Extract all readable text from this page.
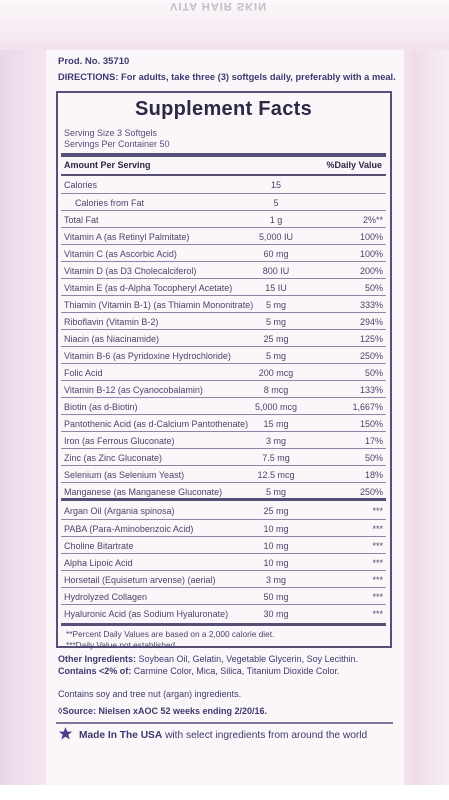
VITA HAIR SKIN
Prod. No. 35710
DIRECTIONS: For adults, take three (3) softgels daily, preferably with a meal.
Supplement Facts
Serving Size 3 Softgels
Servings Per Container 50
Amount Per Serving	%Daily Value
Calories	15
Calories from Fat	5
Total Fat	1 g	2%**
Vitamin A (as Retinyl Palmitate)	5,000 IU	100%
Vitamin C (as Ascorbic Acid)	60 mg	100%
Vitamin D (as D3 Cholecalciferol)	800 IU	200%
Vitamin E (as d-Alpha Tocopheryl Acetate)	15 IU	50%
Thiamin (Vitamin B-1) (as Thiamin Mononitrate)	5 mg	333%
Riboflavin (Vitamin B-2)	5 mg	294%
Niacin (as Niacinamide)	25 mg	125%
Vitamin B-6 (as Pyridoxine Hydrochloride)	5 mg	250%
Folic Acid	200 mcg	50%
Vitamin B-12 (as Cyanocobalamin)	8 mcg	133%
Biotin (as d-Biotin)	5,000 mcg	1,667%
Pantothenic Acid (as d-Calcium Pantothenate)	15 mg	150%
Iron (as Ferrous Gluconate)	3 mg	17%
Zinc (as Zinc Gluconate)	7.5 mg	50%
Selenium (as Selenium Yeast)	12.5 mcg	18%
Manganese (as Manganese Gluconate)	5 mg	250%
Argan Oil (Argania spinosa)	25 mg	***
PABA (Para-Aminobenzoic Acid)	10 mg	***
Choline Bitartrate	10 mg	***
Alpha Lipoic Acid	10 mg	***
Horsetail (Equisetum arvense) (aerial)	3 mg	***
Hydrolyzed Collagen	50 mg	***
Hyaluronic Acid (as Sodium Hyaluronate)	30 mg	***
**Percent Daily Values are based on a 2,000 calorie diet.
***Daily Value not established.
Other Ingredients: Soybean Oil, Gelatin, Vegetable Glycerin, Soy Lecithin.
Contains <2% of: Carmine Color, Mica, Silica, Titanium Dioxide Color.
Contains soy and tree nut (argan) ingredients.
◊Source: Nielsen xAOC 52 weeks ending 2/20/16.
Made In The USA with select ingredients from around the world
